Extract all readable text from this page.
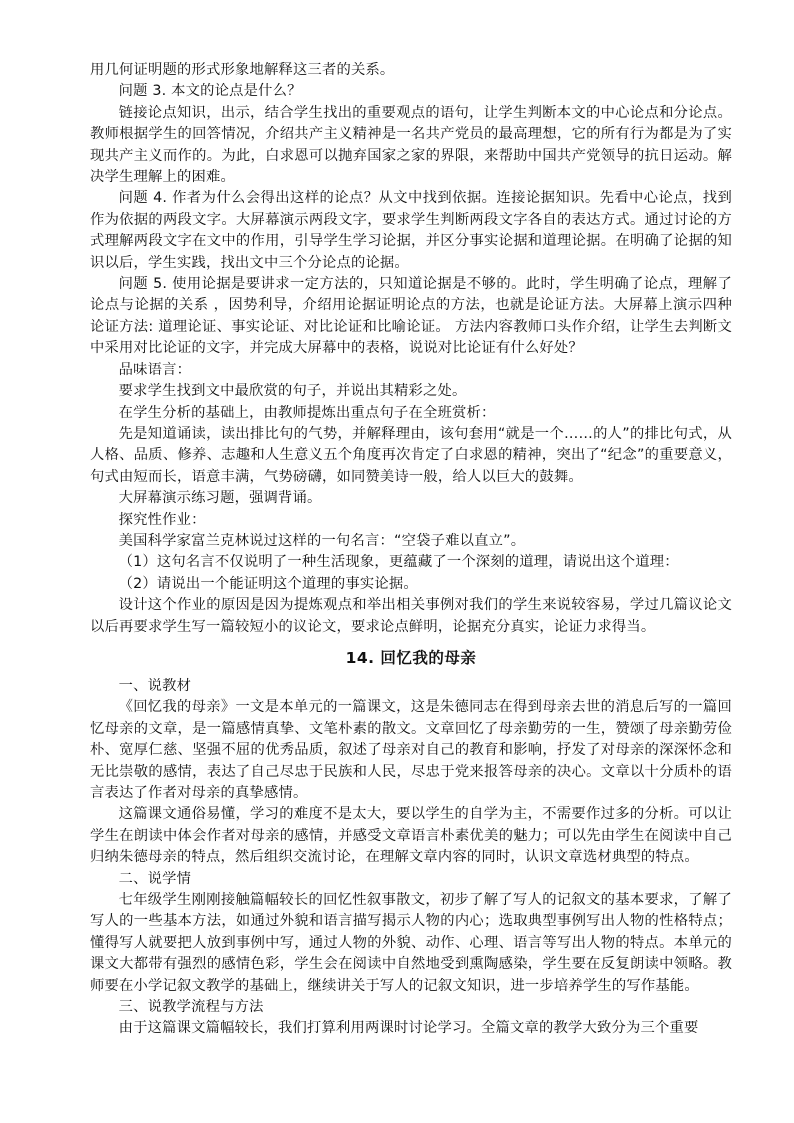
用几何证明题的形式形象地解释这三者的关系。

问题 3. 本文的论点是什么？

链接论点知识，出示，结合学生找出的重要观点的语句，让学生判断本文的中心论点和分论点。教师根据学生的回答情况，介绍共产主义精神是一名共产党员的最高理想，它的所有行为都是为了实现共产主义而作的。为此，白求恩可以抛弃国家之家的界限，来帮助中国共产党领导的抗日运动。解决学生理解上的困难。

问题 4. 作者为什么会得出这样的论点？从文中找到依据。连接论据知识。先看中心论点，找到作为依据的两段文字。大屏幕演示两段文字，要求学生判断两段文字各自的表达方式。通过讨论的方式理解两段文字在文中的作用，引导学生学习论据，并区分事实论据和道理论据。在明确了论据的知识以后，学生实践，找出文中三个分论点的论据。

问题 5. 使用论据是要讲求一定方法的，只知道论据是不够的。此时，学生明确了论点，理解了论点与论据的关系 ，因势利导，介绍用论据证明论点的方法，也就是论证方法。大屏幕上演示四种论证方法: 道理论证、事实论证、对比论证和比喻论证。 方法内容教师口头作介绍，让学生去判断文中采用对比论证的文字，并完成大屏幕中的表格，说说对比论证有什么好处？

品味语言：

要求学生找到文中最欣赏的句子，并说出其精彩之处。

在学生分析的基础上，由教师提炼出重点句子在全班赏析：

先是知道诵读，读出排比句的气势，并解释理由，该句套用“就是一个……的人”的排比句式，从人格、品质、修养、志趣和人生意义五个角度再次肯定了白求恩的精神，突出了“纪念”的重要意义，句式由短而长，语意丰满，气势磅礴，如同赞美诗一般，给人以巨大的鼓舞。

大屏幕演示练习题，强调背诵。

探究性作业：

美国科学家富兰克林说过这样的一句名言：“空袋子难以直立”。

（1）这句名言不仅说明了一种生活现象，更蕴藏了一个深刻的道理，请说出这个道理：

（2）请说出一个能证明这个道理的事实论据。

设计这个作业的原因是因为提炼观点和举出相关事例对我们的学生来说较容易，学过几篇议论文以后再要求学生写一篇较短小的议论文，要求论点鲜明，论据充分真实，论证力求得当。

14. 回忆我的母亲

一、说教材

《回忆我的母亲》一文是本单元的一篇课文，这是朱德同志在得到母亲去世的消息后写的一篇回忆母亲的文章，是一篇感情真挚、文笔朴素的散文。文章回忆了母亲勤劳的一生，赞颂了母亲勤劳俭朴、宽厚仁慈、坚强不屈的优秀品质，叙述了母亲对自己的教育和影响，抒发了对母亲的深深怀念和无比崇敬的感情，表达了自己尽忠于民族和人民，尽忠于党来报答母亲的决心。文章以十分质朴的语言表达了作者对母亲的真挚感情。

这篇课文通俗易懂，学习的难度不是太大，要以学生的自学为主，不需要作过多的分析。可以让学生在朗读中体会作者对母亲的感情，并感受文章语言朴素优美的魅力；可以先由学生在阅读中自己归纳朱德母亲的特点，然后组织交流讨论，在理解文章内容的同时，认识文章选材典型的特点。

二、说学情

七年级学生刚刚接触篇幅较长的回忆性叙事散文，初步了解了写人的记叙文的基本要求，了解了写人的一些基本方法，如通过外貌和语言描写揭示人物的内心；选取典型事例写出人物的性格特点；懂得写人就要把人放到事例中写，通过人物的外貌、动作、心理、语言等写出人物的特点。本单元的课文大都带有强烈的感情色彩，学生会在阅读中自然地受到熏陶感染，学生要在反复朗读中领略。教师要在小学记叙文教学的基础上，继续讲关于写人的记叙文知识，进一步培养学生的写作基能。

三、说教学流程与方法

由于这篇课文篇幅较长，我们打算利用两课时讨论学习。全篇文章的教学大致分为三个重要
